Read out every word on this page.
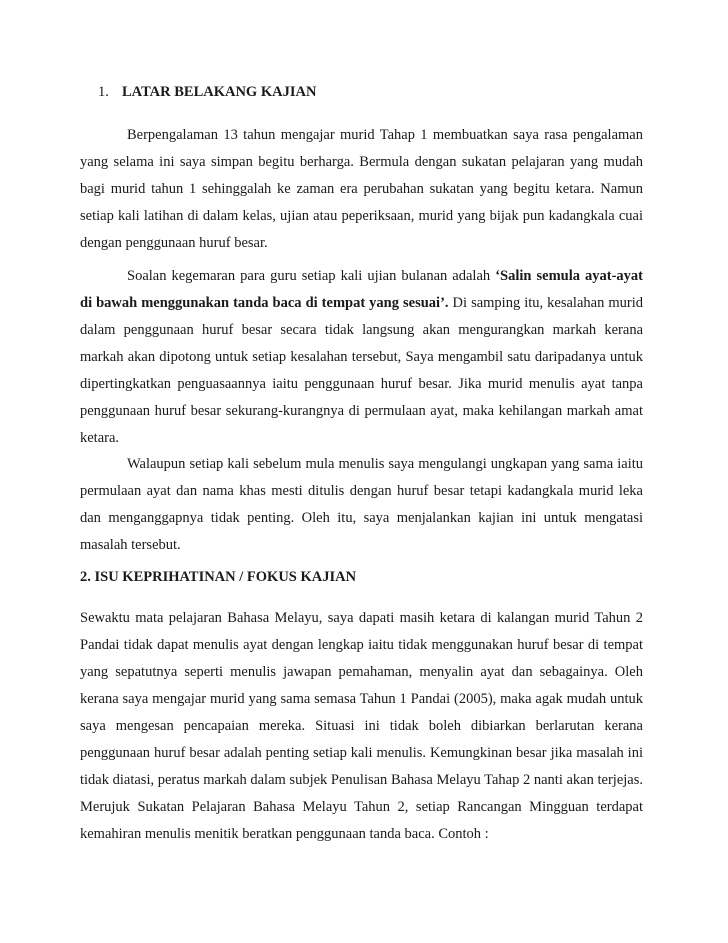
1. LATAR BELAKANG KAJIAN

Berpengalaman 13 tahun mengajar murid Tahap 1 membuatkan saya rasa pengalaman yang selama ini saya simpan begitu berharga. Bermula dengan sukatan pelajaran yang mudah bagi murid tahun 1 sehinggalah ke zaman era perubahan sukatan yang begitu ketara. Namun setiap kali latihan di dalam kelas, ujian atau peperiksaan, murid yang bijak pun kadangkala cuai dengan penggunaan huruf besar.

Soalan kegemaran para guru setiap kali ujian bulanan adalah ‘Salin semula ayat-ayat di bawah menggunakan tanda baca di tempat yang sesuai’. Di samping itu, kesalahan murid dalam penggunaan huruf besar secara tidak langsung akan mengurangkan markah kerana markah akan dipotong untuk setiap kesalahan tersebut, Saya mengambil satu daripadanya untuk dipertingkatkan penguasaannya iaitu penggunaan huruf besar. Jika murid menulis ayat tanpa penggunaan huruf besar sekurang-kurangnya di permulaan ayat, maka kehilangan markah amat ketara.

Walaupun setiap kali sebelum mula menulis saya mengulangi ungkapan yang sama iaitu permulaan ayat dan nama khas mesti ditulis dengan huruf besar tetapi kadangkala murid leka dan menganggapnya tidak penting. Oleh itu, saya menjalankan kajian ini untuk mengatasi masalah tersebut.

2. ISU KEPRIHATINAN / FOKUS KAJIAN

Sewaktu mata pelajaran Bahasa Melayu, saya dapati masih ketara di kalangan murid Tahun 2 Pandai tidak dapat menulis ayat dengan lengkap iaitu tidak menggunakan huruf besar di tempat yang sepatutnya seperti menulis jawapan pemahaman, menyalin ayat dan sebagainya. Oleh kerana saya mengajar murid yang sama semasa Tahun 1 Pandai (2005), maka agak mudah untuk saya mengesan pencapaian mereka. Situasi ini tidak boleh dibiarkan berlarutan kerana penggunaan huruf besar adalah penting setiap kali menulis. Kemungkinan besar jika masalah ini tidak diatasi, peratus markah dalam subjek Penulisan Bahasa Melayu Tahap 2 nanti akan terjejas. Merujuk Sukatan Pelajaran Bahasa Melayu Tahun 2, setiap Rancangan Mingguan terdapat kemahiran menulis menitik beratkan penggunaan tanda baca. Contoh :
